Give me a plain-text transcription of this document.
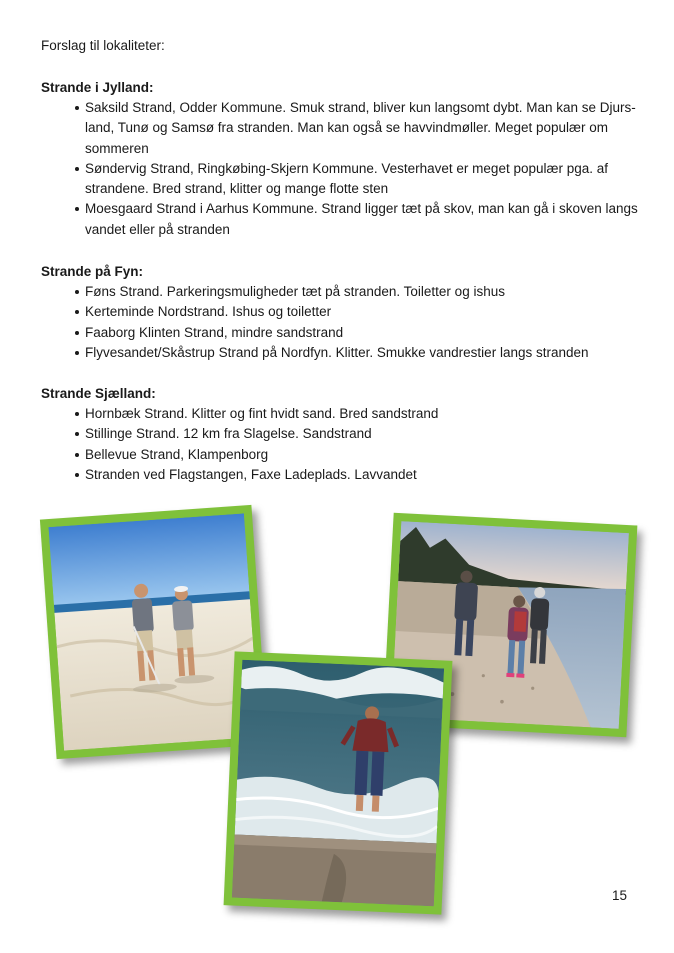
Forslag til lokaliteter:
Strande i Jylland:
Saksild Strand, Odder Kommune. Smuk strand, bliver kun langsomt dybt. Man kan se Djurs-land, Tunø og Samsø fra stranden. Man kan også se havvindmøller. Meget populær om sommeren
Søndervig Strand, Ringkøbing-Skjern Kommune. Vesterhavet er meget populær pga. af strandene. Bred strand, klitter og mange flotte sten
Moesgaard Strand i Aarhus Kommune. Strand ligger tæt på skov, man kan gå i skoven langs vandet eller på stranden
Strande på Fyn:
Føns Strand. Parkeringsmuligheder tæt på stranden. Toiletter og ishus
Kerteminde Nordstrand. Ishus og toiletter
Faaborg Klinten Strand, mindre sandstrand
Flyvesandet/Skåstrup Strand på Nordfyn. Klitter. Smukke vandrestier langs stranden
Strande Sjælland:
Hornbæk Strand. Klitter og fint hvidt sand. Bred sandstrand
Stillinge Strand. 12 km fra Slagelse. Sandstrand
Bellevue Strand, Klampenborg
Stranden ved Flagstangen, Faxe Ladeplads. Lavvandet
15
